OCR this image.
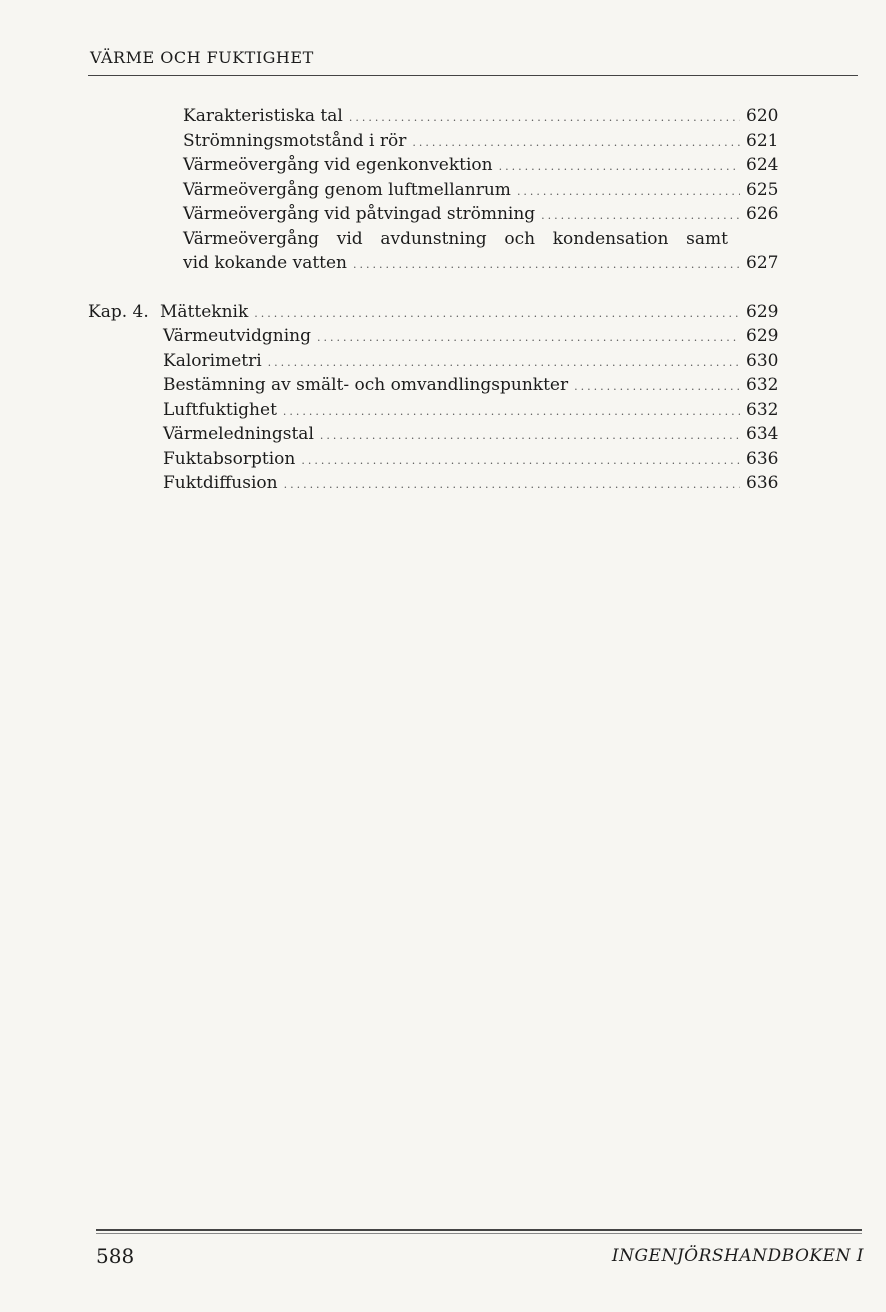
VÄRME OCH FUKTIGHET
Karakteristiska tal .....	620
Strömningsmotstånd i rör .....	621
Värmeövergång vid egenkonvektion .....	624
Värmeövergång genom luftmellanrum .....	625
Värmeövergång vid påtvingad strömning .....	626
Värmeövergång vid avdunstning och kondensation samt
vid kokande vatten .....	627
Kap. 4. Mätteknik .....	629
Värmeutvidgning .....	629
Kalorimetri .....	630
Bestämning av smält- och omvandlingspunkter .....	632
Luftfuktighet .....	632
Värmeledningstal .....	634
Fuktabsorption .....	636
Fuktdiffusion .....	636
588	INGENJÖRSHANDBOKEN I
